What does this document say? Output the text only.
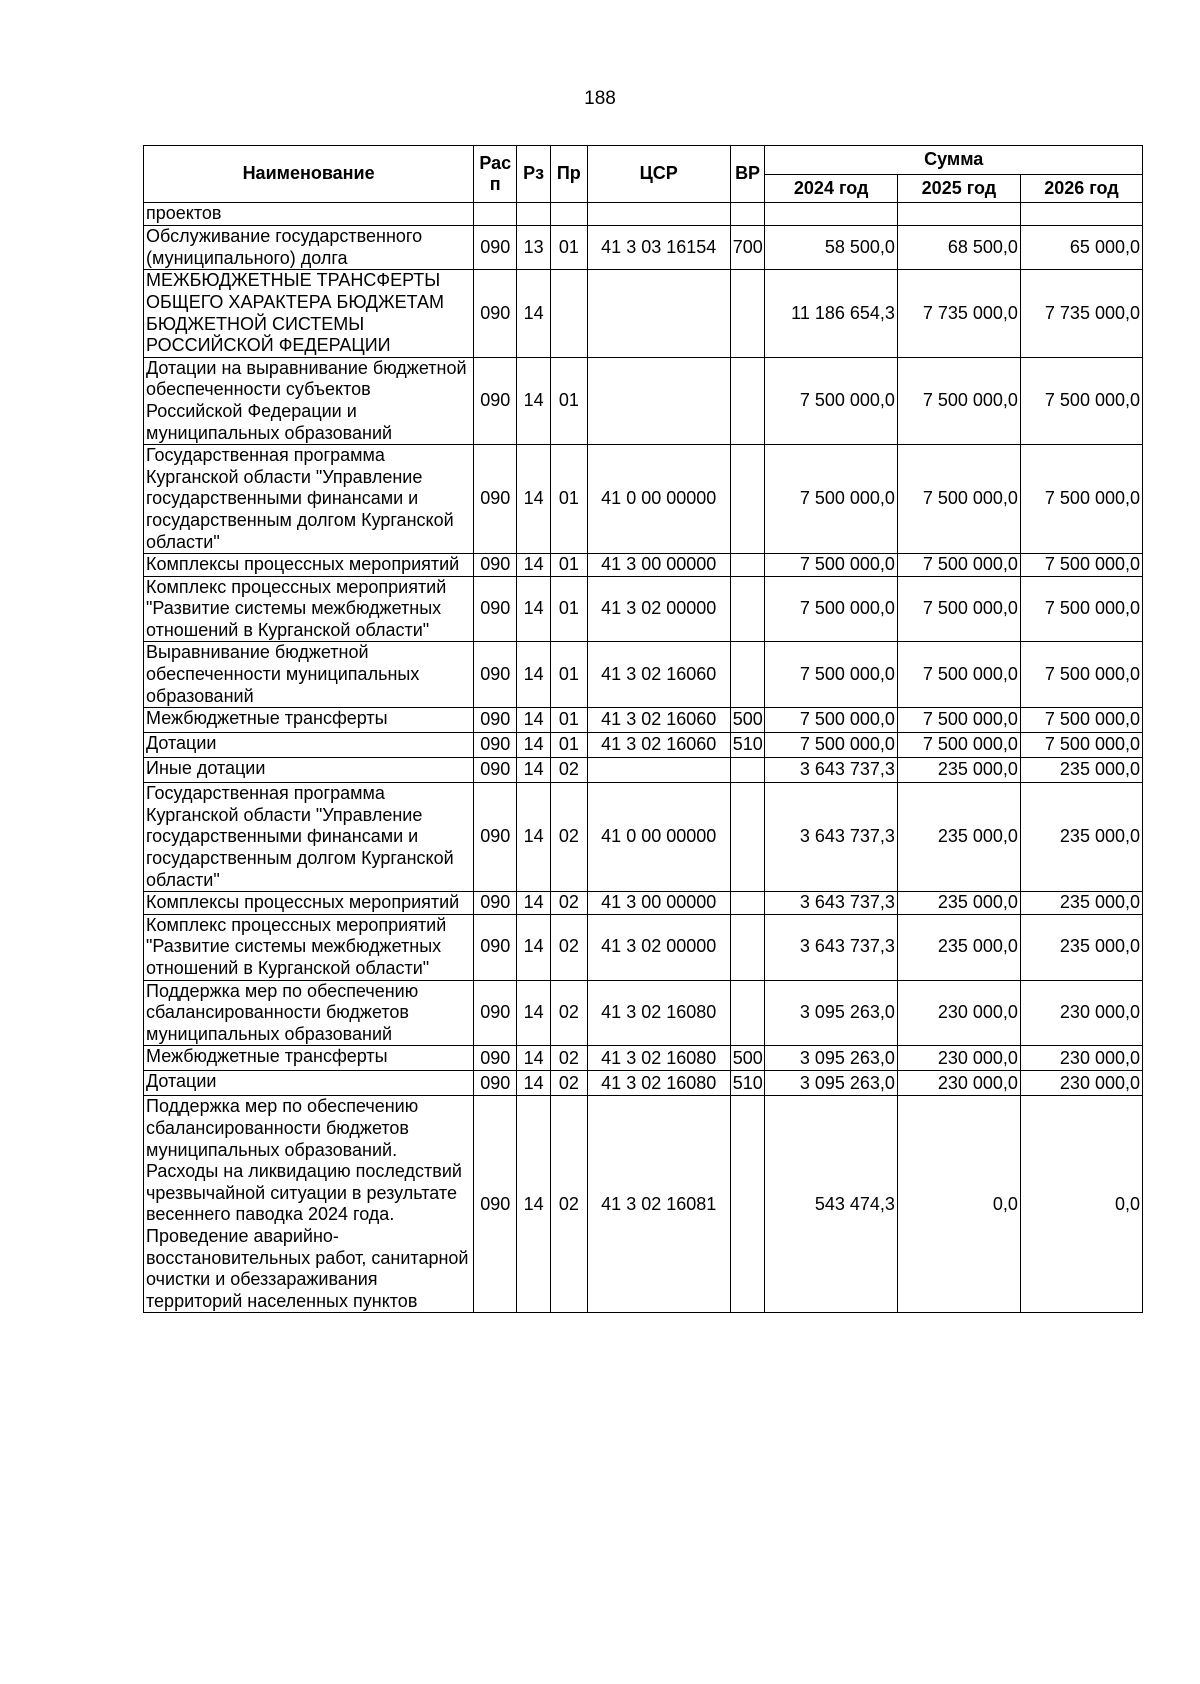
188
Наименование	Рас п	Рз	Пр	ЦСР	ВР	Сумма		
						2024 год	2025 год	2026 год
проектов								
Обслуживание государственного (муниципального) долга	090	13	01	41 3 03 16154	700	58 500,0	68 500,0	65 000,0
МЕЖБЮДЖЕТНЫЕ ТРАНСФЕРТЫ ОБЩЕГО ХАРАКТЕРА БЮДЖЕТАМ БЮДЖЕТНОЙ СИСТЕМЫ РОССИЙСКОЙ ФЕДЕРАЦИИ	090	14				11 186 654,3	7 735 000,0	7 735 000,0
Дотации на выравнивание бюджетной обеспеченности субъектов Российской Федерации и муниципальных образований	090	14	01			7 500 000,0	7 500 000,0	7 500 000,0
Государственная программа Курганской области "Управление государственными финансами и государственным долгом Курганской области"	090	14	01	41 0 00 00000		7 500 000,0	7 500 000,0	7 500 000,0
Комплексы процессных мероприятий	090	14	01	41 3 00 00000		7 500 000,0	7 500 000,0	7 500 000,0
Комплекс процессных мероприятий "Развитие системы межбюджетных отношений в Курганской области"	090	14	01	41 3 02 00000		7 500 000,0	7 500 000,0	7 500 000,0
Выравнивание бюджетной обеспеченности муниципальных образований	090	14	01	41 3 02 16060		7 500 000,0	7 500 000,0	7 500 000,0
Межбюджетные трансферты	090	14	01	41 3 02 16060	500	7 500 000,0	7 500 000,0	7 500 000,0
Дотации	090	14	01	41 3 02 16060	510	7 500 000,0	7 500 000,0	7 500 000,0
Иные дотации	090	14	02			3 643 737,3	235 000,0	235 000,0
Государственная программа Курганской области "Управление государственными финансами и государственным долгом Курганской области"	090	14	02	41 0 00 00000		3 643 737,3	235 000,0	235 000,0
Комплексы процессных мероприятий	090	14	02	41 3 00 00000		3 643 737,3	235 000,0	235 000,0
Комплекс процессных мероприятий "Развитие системы межбюджетных отношений в Курганской области"	090	14	02	41 3 02 00000		3 643 737,3	235 000,0	235 000,0
Поддержка мер по обеспечению сбалансированности бюджетов муниципальных образований	090	14	02	41 3 02 16080		3 095 263,0	230 000,0	230 000,0
Межбюджетные трансферты	090	14	02	41 3 02 16080	500	3 095 263,0	230 000,0	230 000,0
Дотации	090	14	02	41 3 02 16080	510	3 095 263,0	230 000,0	230 000,0
Поддержка мер по обеспечению сбалансированности бюджетов муниципальных образований. Расходы на ликвидацию последствий чрезвычайной ситуации в результате весеннего паводка 2024 года. Проведение аварийно-восстановительных работ, санитарной очистки и обеззараживания территорий населенных пунктов	090	14	02	41 3 02 16081		543 474,3	0,0	0,0
